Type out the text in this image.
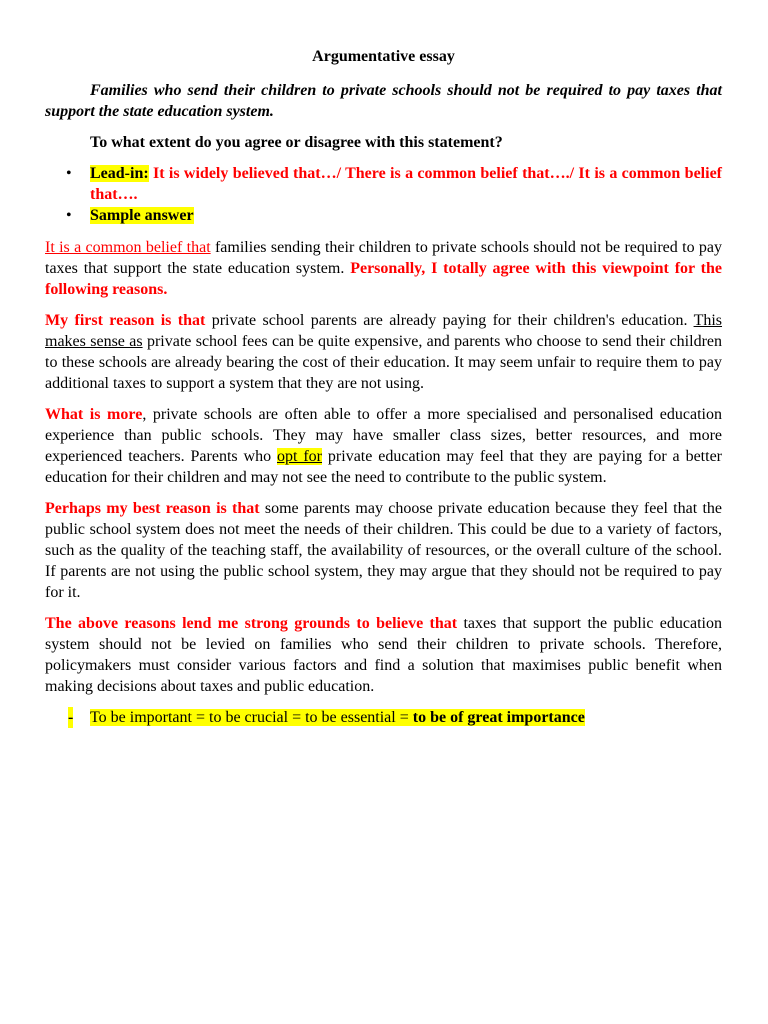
Argumentative essay

Families who send their children to private schools should not be required to pay taxes that support the state education system.

To what extent do you agree or disagree with this statement?

• Lead-in: It is widely believed that…/ There is a common belief that…./ It is a common belief that….
• Sample answer

It is a common belief that families sending their children to private schools should not be required to pay taxes that support the state education system. Personally, I totally agree with this viewpoint for the following reasons.

My first reason is that private school parents are already paying for their children's education. This makes sense as private school fees can be quite expensive, and parents who choose to send their children to these schools are already bearing the cost of their education. It may seem unfair to require them to pay additional taxes to support a system that they are not using.

What is more, private schools are often able to offer a more specialised and personalised education experience than public schools. They may have smaller class sizes, better resources, and more experienced teachers. Parents who opt for private education may feel that they are paying for a better education for their children and may not see the need to contribute to the public system.

Perhaps my best reason is that some parents may choose private education because they feel that the public school system does not meet the needs of their children. This could be due to a variety of factors, such as the quality of the teaching staff, the availability of resources, or the overall culture of the school. If parents are not using the public school system, they may argue that they should not be required to pay for it.

The above reasons lend me strong grounds to believe that taxes that support the public education system should not be levied on families who send their children to private schools. Therefore, policymakers must consider various factors and find a solution that maximises public benefit when making decisions about taxes and public education.

- To be important = to be crucial = to be essential = to be of great importance
